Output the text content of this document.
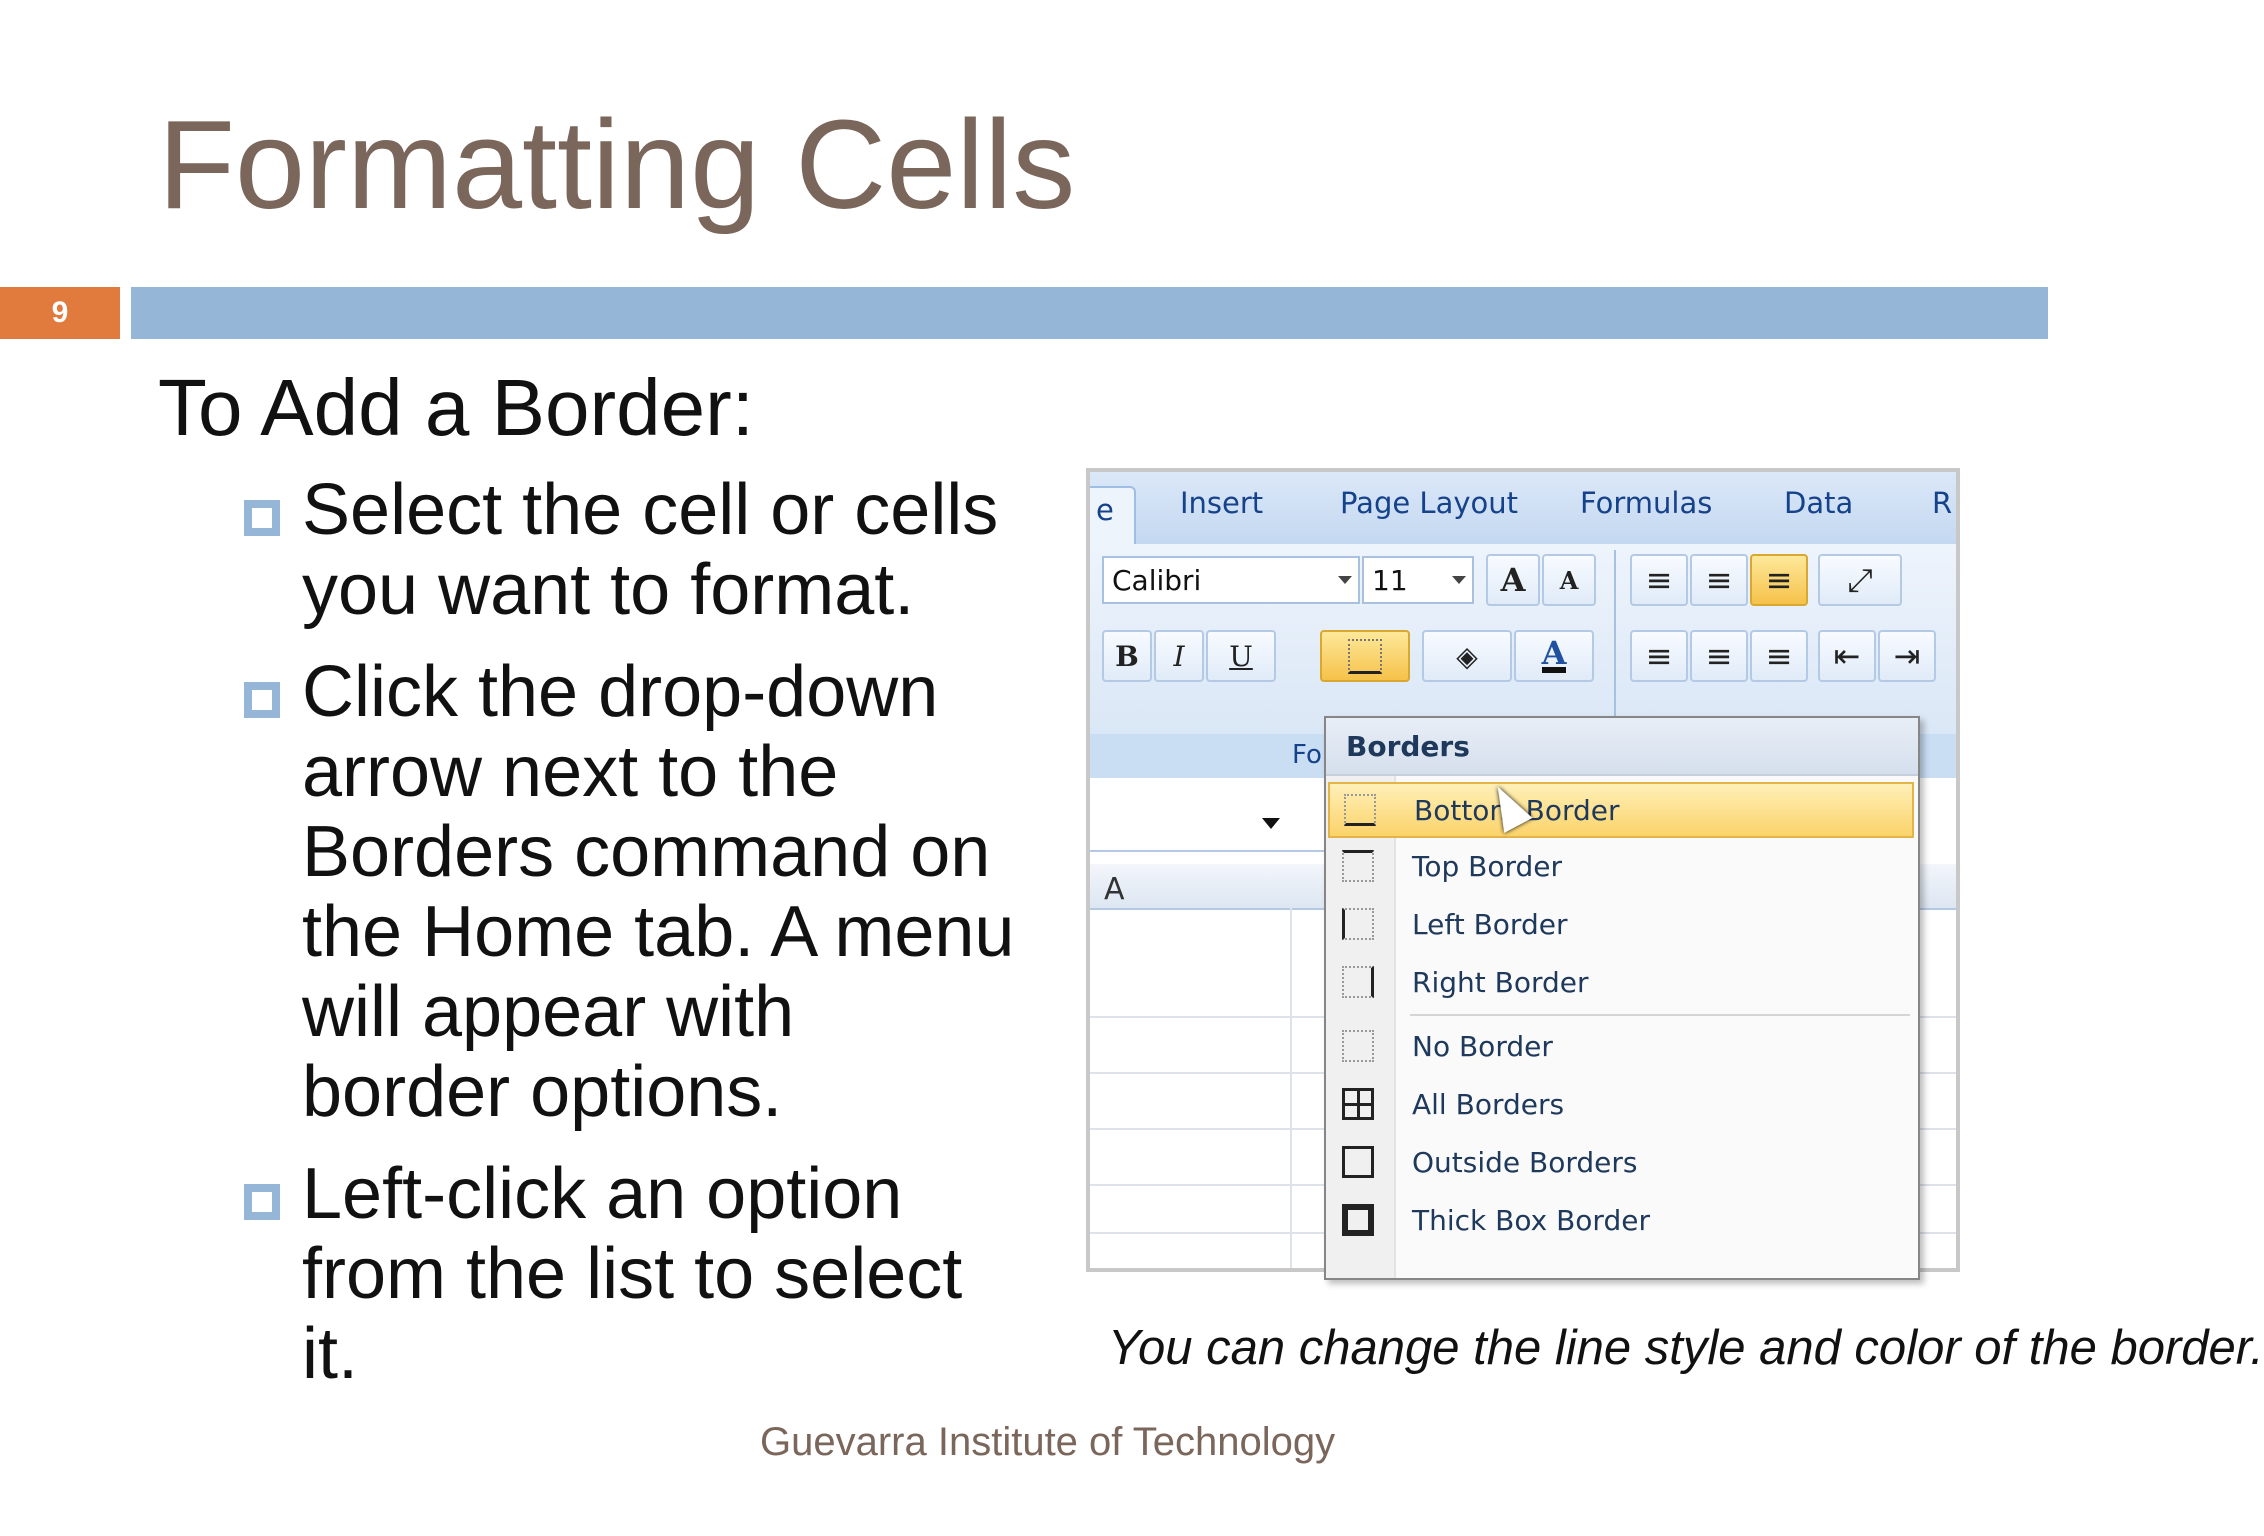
Formatting Cells
9
To Add a Border:
Select the cell or cells you want to format.
Click the drop-down arrow next to the Borders command on the Home tab. A menu will appear with border options.
Left-click an option from the list to select it.
e	Insert	Page Layout Formulas Data	R
Calibri	11	A A
B I U	◈ A
≡ ≡ ≡ ⤢
≡ ≡ ≡ ⇤ ⇥
Fo
A
Borders
Bottom Border
Top Border
Left Border
Right Border
No Border
All Borders
Outside Borders
Thick Box Border
You can change the line style and color of the border.
Guevarra Institute of Technology
